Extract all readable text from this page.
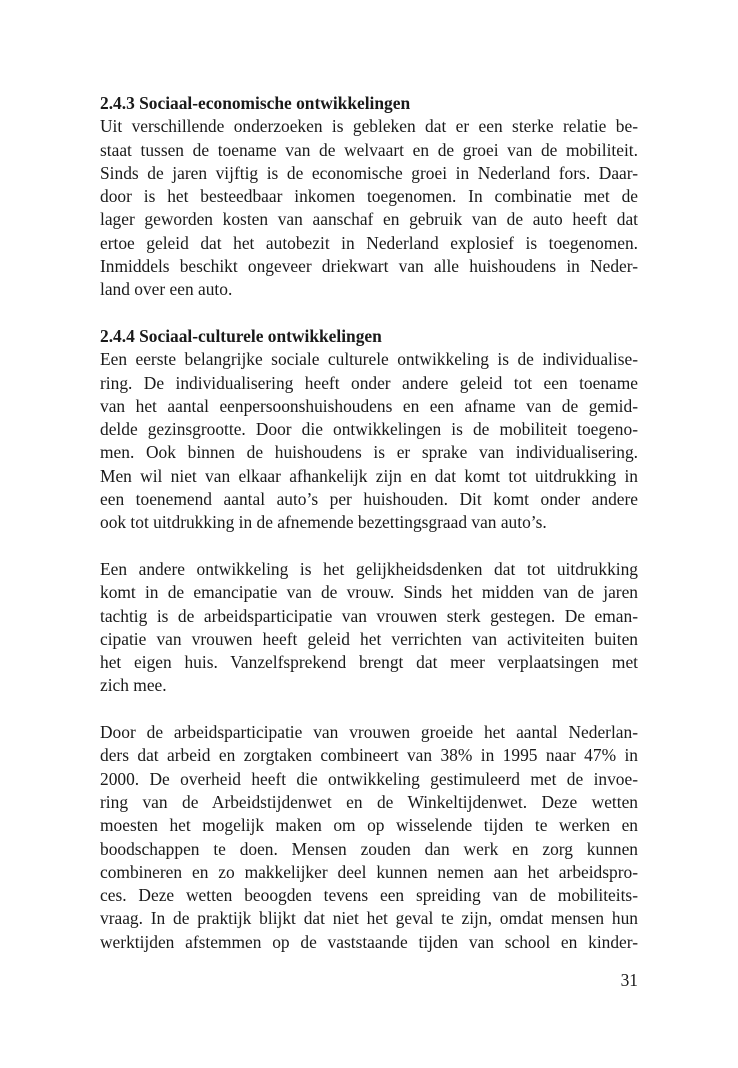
2.4.3 Sociaal-economische ontwikkelingen
Uit verschillende onderzoeken is gebleken dat er een sterke relatie be-
staat tussen de toename van de welvaart en de groei van de mobiliteit.
Sinds de jaren vijftig is de economische groei in Nederland fors. Daar-
door is het besteedbaar inkomen toegenomen. In combinatie met de
lager geworden kosten van aanschaf en gebruik van de auto heeft dat
ertoe geleid dat het autobezit in Nederland explosief is toegenomen.
Inmiddels beschikt ongeveer driekwart van alle huishoudens in Neder-
land over een auto.
2.4.4 Sociaal-culturele ontwikkelingen
Een eerste belangrijke sociale culturele ontwikkeling is de individualise-
ring. De individualisering heeft onder andere geleid tot een toename
van het aantal eenpersoonshuishoudens en een afname van de gemid-
delde gezinsgrootte. Door die ontwikkelingen is de mobiliteit toegeno-
men. Ook binnen de huishoudens is er sprake van individualisering.
Men wil niet van elkaar afhankelijk zijn en dat komt tot uitdrukking in
een toenemend aantal auto’s per huishouden. Dit komt onder andere
ook tot uitdrukking in de afnemende bezettingsgraad van auto’s.
Een andere ontwikkeling is het gelijkheidsdenken dat tot uitdrukking
komt in de emancipatie van de vrouw. Sinds het midden van de jaren
tachtig is de arbeidsparticipatie van vrouwen sterk gestegen. De eman-
cipatie van vrouwen heeft geleid het verrichten van activiteiten buiten
het eigen huis. Vanzelfsprekend brengt dat meer verplaatsingen met
zich mee.
Door de arbeidsparticipatie van vrouwen groeide het aantal Nederlan-
ders dat arbeid en zorgtaken combineert van 38% in 1995 naar 47% in
2000. De overheid heeft die ontwikkeling gestimuleerd met de invoe-
ring van de Arbeidstijdenwet en de Winkeltijdenwet. Deze wetten
moesten het mogelijk maken om op wisselende tijden te werken en
boodschappen te doen. Mensen zouden dan werk en zorg kunnen
combineren en zo makkelijker deel kunnen nemen aan het arbeidspro-
ces. Deze wetten beoogden tevens een spreiding van de mobiliteits-
vraag. In de praktijk blijkt dat niet het geval te zijn, omdat mensen hun
werktijden afstemmen op de vaststaande tijden van school en kinder-
31
